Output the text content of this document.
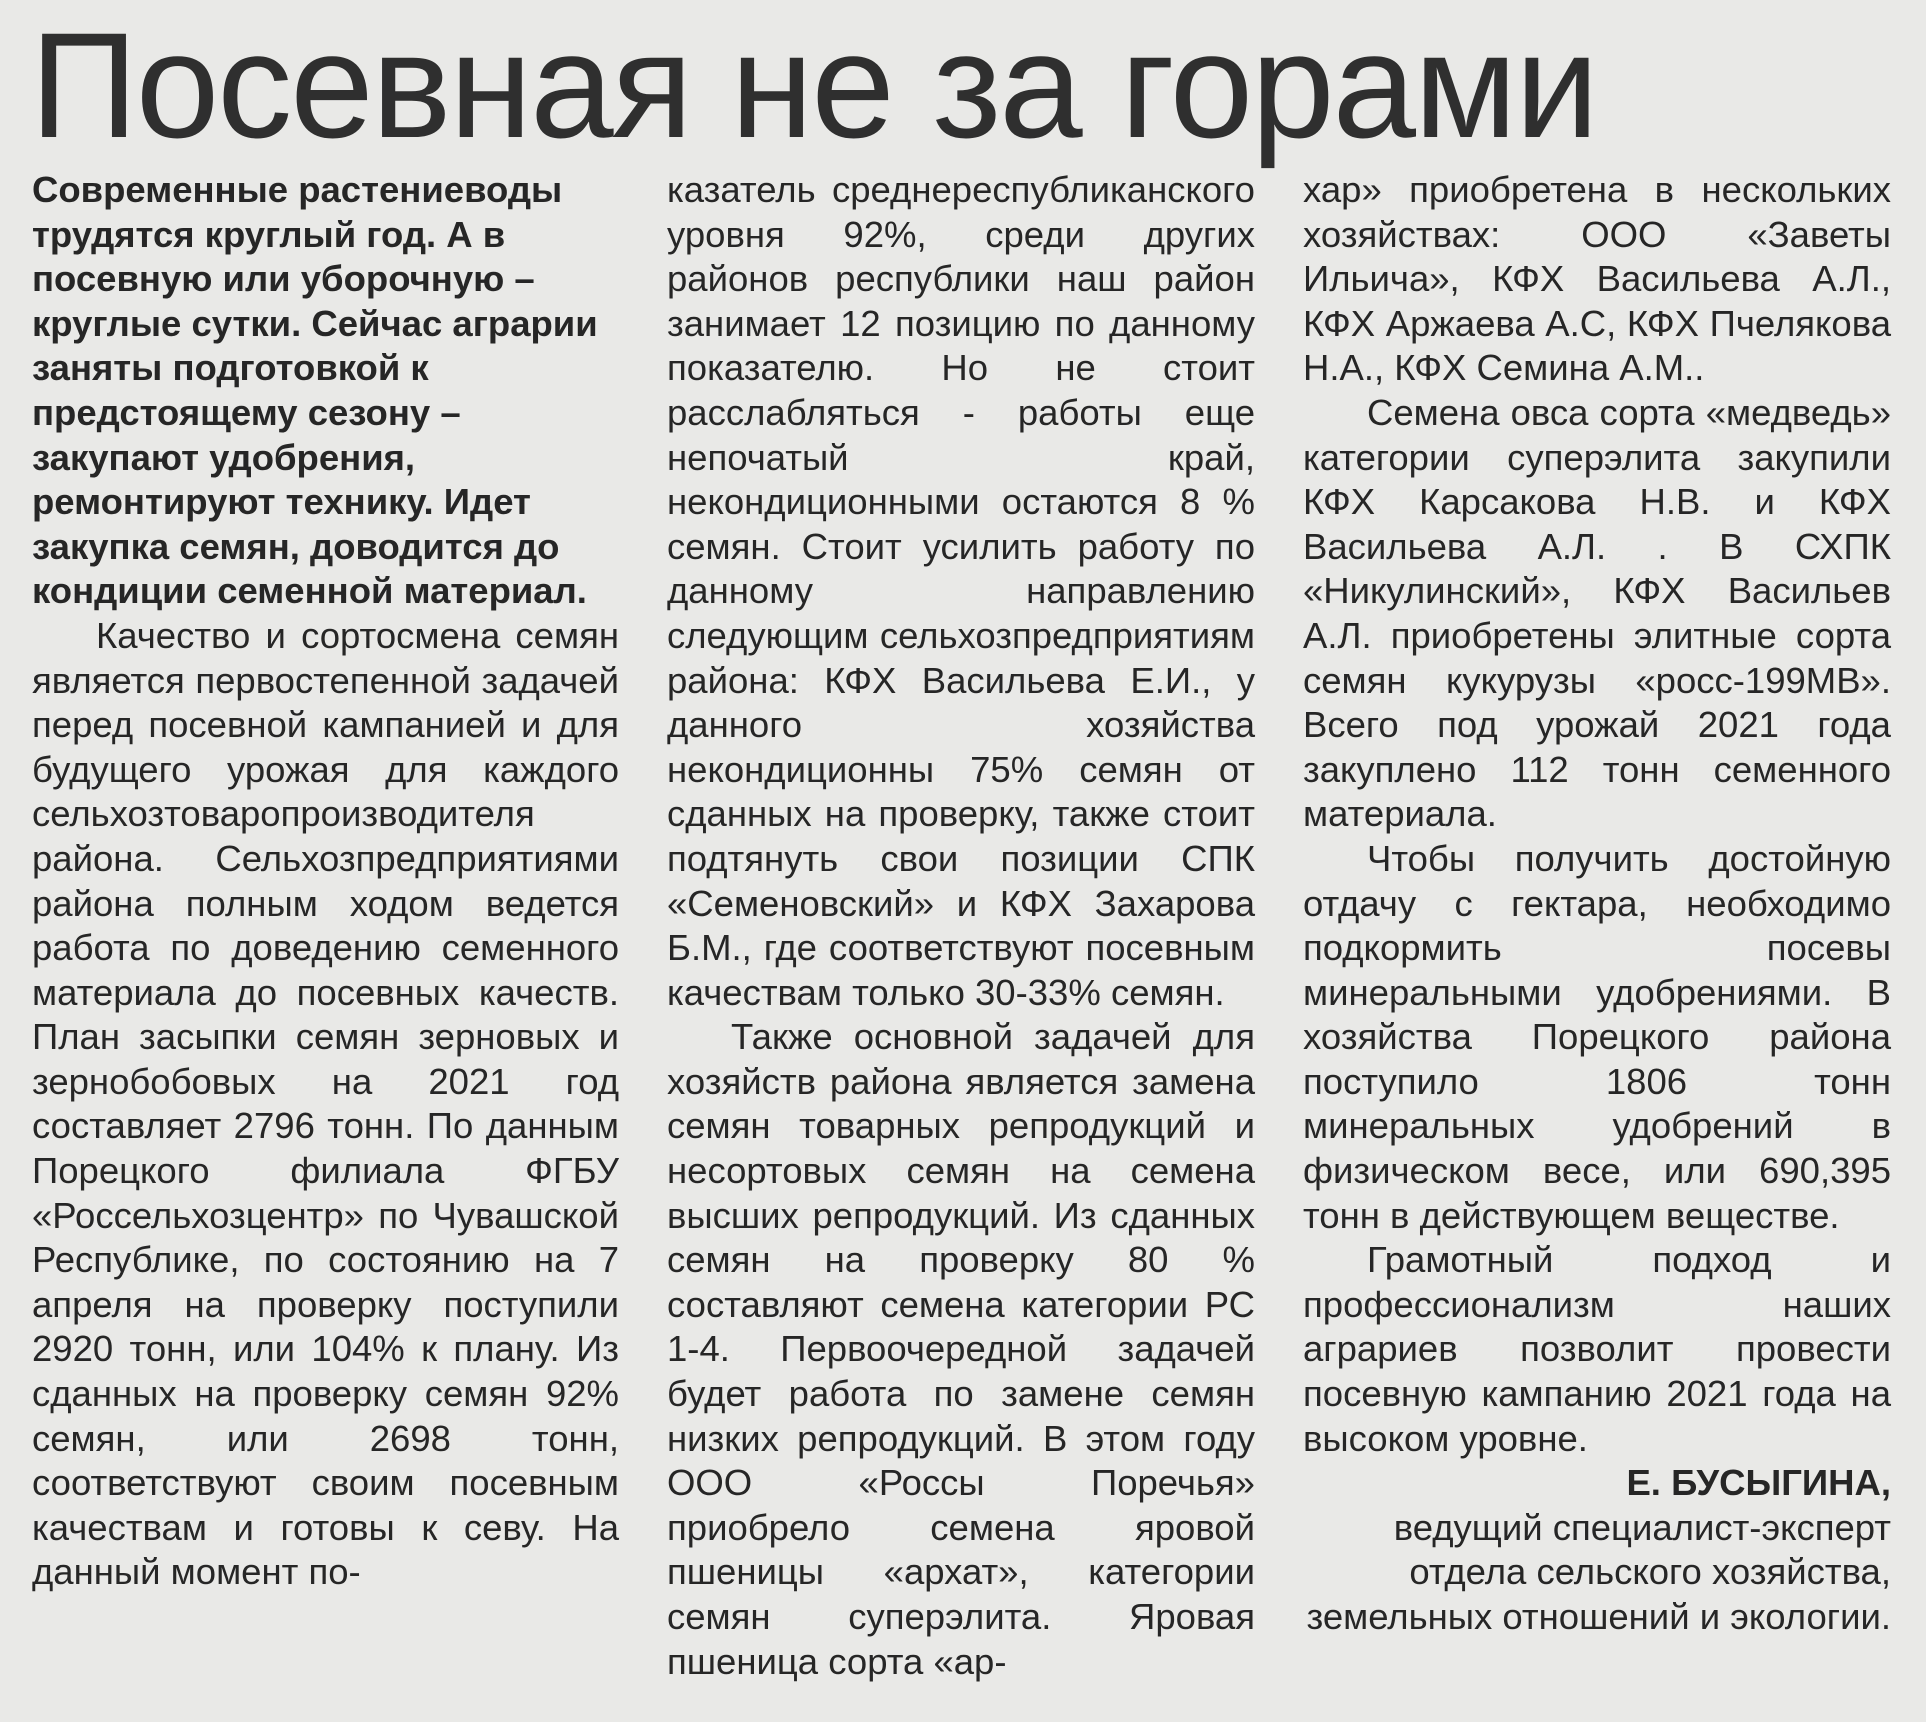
Посевная не за горами

Современные растениеводы трудятся круглый год. А в посевную или уборочную – круглые сутки. Сейчас аграрии заняты подготовкой к предстоящему сезону – закупают удобрения, ремонтируют технику. Идет закупка семян, доводится до кондиции семенной материал.

Качество и сортосмена семян является первостепенной задачей перед посевной кампанией и для будущего урожая для каждого сельхозтоваропроизводителя района. Сельхозпредприятиями района полным ходом ведется работа по доведению семенного материала до посевных качеств. План засыпки семян зерновых и зернобобовых на 2021 год составляет 2796 тонн. По данным Порецкого филиала ФГБУ «Россельхозцентр» по Чувашской Республике, по состоянию на 7 апреля на проверку поступили 2920 тонн, или 104% к плану. Из сданных на проверку семян 92% семян, или 2698 тонн, соответствуют своим посевным качествам и готовы к севу. На данный момент по-

казатель среднереспубликанского уровня 92%, среди других районов республики наш район занимает 12 позицию по данному показателю. Но не стоит расслабляться - работы еще непочатый край, некондиционными остаются 8 % семян. Стоит усилить работу по данному направлению следующим сельхозпредприятиям района: КФХ Васильева Е.И., у данного хозяйства некондиционны 75% семян от сданных на проверку, также стоит подтянуть свои позиции СПК «Семеновский» и КФХ Захарова Б.М., где соответствуют посевным качествам только 30-33% семян.

Также основной задачей для хозяйств района является замена семян товарных репродукций и несортовых семян на семена высших репродукций. Из сданных семян на проверку 80 % составляют семена категории РС 1-4. Первоочередной задачей будет работа по замене семян низких репродукций. В этом году ООО «Россы Поречья» приобрело семена яровой пшеницы «архат», категории семян суперэлита. Яровая пшеница сорта «ар-

хар» приобретена в нескольких хозяйствах: ООО «Заветы Ильича», КФХ Васильева А.Л., КФХ Аржаева А.С, КФХ Пчелякова Н.А., КФХ Семина А.М..

Семена овса сорта «медведь» категории суперэлита закупили КФХ Карсакова Н.В. и КФХ Васильева А.Л. . В СХПК «Никулинский», КФХ Васильев А.Л. приобретены элитные сорта семян кукурузы «росс-199МВ». Всего под урожай 2021 года закуплено 112 тонн семенного материала.

Чтобы получить достойную отдачу с гектара, необходимо подкормить посевы минеральными удобрениями. В хозяйства Порецкого района поступило 1806 тонн минеральных удобрений в физическом весе, или 690,395 тонн в действующем веществе.

Грамотный подход и профессионализм наших аграриев позволит провести посевную кампанию 2021 года на высоком уровне.

Е. БУСЫГИНА,

ведущий специалист-эксперт отдела сельского хозяйства, земельных отношений и экологии.
